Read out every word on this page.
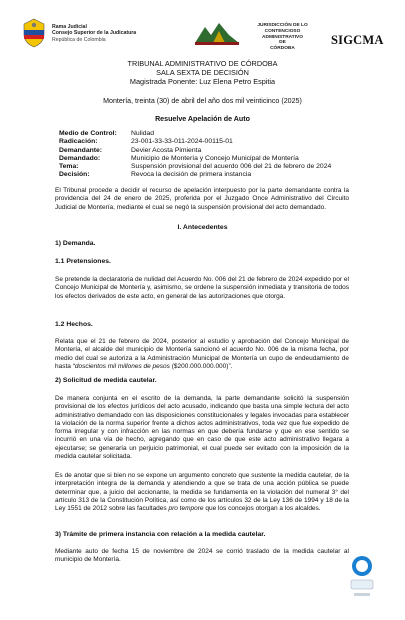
Rama Judicial
Consejo Superior de la Judicatura
República de Colombia
JURISDICCIÓN DE LO
CONTENCIOSO ADMINISTRATIVO
DE
CÓRDOBA
SIGCMA
TRIBUNAL ADMINISTRATIVO DE CÓRDOBA
SALA SEXTA DE DECISIÓN
Magistrada Ponente: Luz Elena Petro Espitia
Montería, treinta (30) de abril del año dos mil veinticinco (2025)
Resuelve Apelación de Auto
Medio de Control:	Nulidad
Radicación:	23-001-33-33-011-2024-00115-01
Demandante:	Devier Acosta Pimienta
Demandado:	Municipio de Montería y Concejo Municipal de Montería
Tema:	Suspensión provisional del acuerdo 006 del 21 de febrero de 2024
Decisión:	Revoca la decisión de primera instancia
El Tribunal procede a decidir el recurso de apelación interpuesto por la parte demandante contra la providencia del 24 de enero de 2025, proferida por el Juzgado Once Administrativo del Circuito Judicial de Montería, mediante el cual se negó la suspensión provisional del acto demandado.
I. Antecedentes
1) Demanda.
1.1 Pretensiones.
Se pretende la declaratoria de nulidad del Acuerdo No. 006 del 21 de febrero de 2024 expedido por el Concejo Municipal de Montería y, asimismo, se ordene la suspensión inmediata y transitoria de todos los efectos derivados de este acto, en general de las autorizaciones que otorga.
1.2 Hechos.
Relata que el 21 de febrero de 2024, posterior al estudio y aprobación del Concejo Municipal de Montería, el alcalde del municipio de Montería sancionó el acuerdo No. 006 de la misma fecha, por medio del cual se autoriza a la Administración Municipal de Montería un cupo de endeudamiento de hasta “doscientos mil millones de pesos ($200.000.000.000)”.
2) Solicitud de medida cautelar.
De manera conjunta en el escrito de la demanda, la parte demandante solicitó la suspensión provisional de los efectos jurídicos del acto acusado, indicando que basta una simple lectura del acto administrativo demandado con las disposiciones constitucionales y legales invocadas para establecer la violación de la norma superior frente a dichos actos administrativos, toda vez que fue expedido de forma irregular y con infracción en las normas en que debería fundarse y que en ese sentido se incurrió en una vía de hecho, agregando que en caso de que este acto administrativo llegara a ejecutarse; se generaría un perjuicio patrimonial, el cual puede ser evitado con la imposición de la medida cautelar solicitada.
Es de anotar que si bien no se expone un argumento concreto que sustente la medida cautelar, de la interpretación integra de la demanda y atendiendo a que se trata de una acción pública se puede determinar que, a juicio del accionante, la medida se fundamenta en la violación del numeral 3° del artículo 313 de la Constitución Política, así como de los artículos 32 de la Ley 136 de 1994 y 18 de la Ley 1551 de 2012 sobre las facultades pro tempore que los concejos otorgan a los alcaldes.
3) Trámite de primera instancia con relación a la medida cautelar.
Mediante auto de fecha 15 de noviembre de 2024 se corrió traslado de la medida cautelar al municipio de Montería.
